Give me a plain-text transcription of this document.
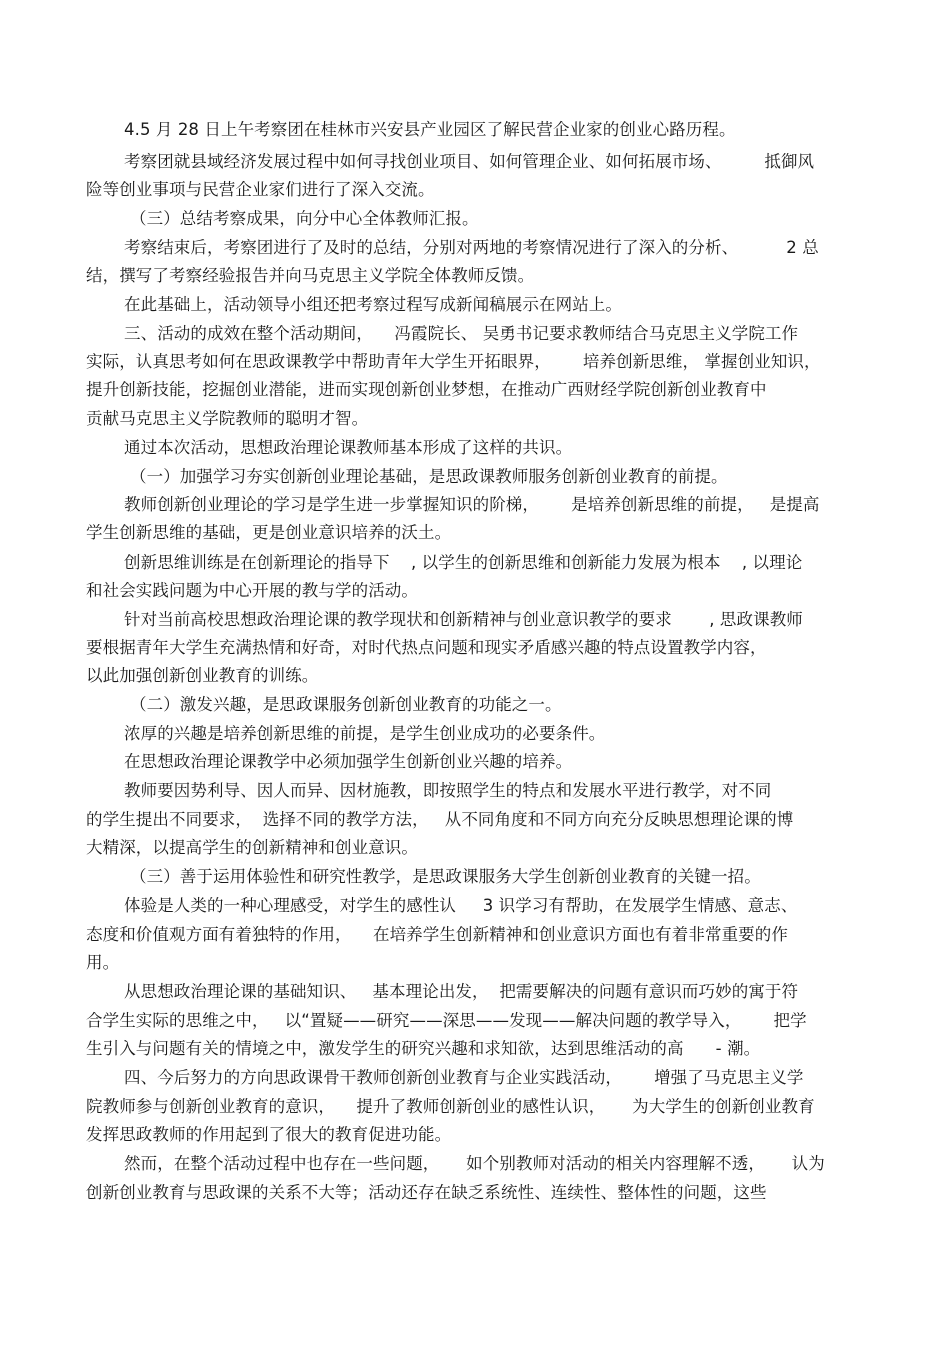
4.5 月 28 日上午考察团在桂林市兴安县产业园区了解民营企业家的创业心路历程。
考察团就县域经济发展过程中如何寻找创业项目、如何管理企业、如何拓展市场、        抵御风
险等创业事项与民营企业家们进行了深入交流。
（三）总结考察成果，向分中心全体教师汇报。
考察结束后，考察团进行了及时的总结，分别对两地的考察情况进行了深入的分析、         2 总
结，撰写了考察经验报告并向马克思主义学院全体教师反馈。
在此基础上，活动领导小组还把考察过程写成新闻稿展示在网站上。
三、活动的成效在整个活动期间，    冯霞院长、 吴勇书记要求教师结合马克思主义学院工作
实际，认真思考如何在思政课教学中帮助青年大学生开拓眼界，      培养创新思维， 掌握创业知识，
提升创新技能，挖掘创业潜能，进而实现创新创业梦想，在推动广西财经学院创新创业教育中
贡献马克思主义学院教师的聪明才智。
通过本次活动，思想政治理论课教师基本形成了这样的共识。
（一）加强学习夯实创新创业理论基础，是思政课教师服务创新创业教育的前提。
教师创新创业理论的学习是学生进一步掌握知识的阶梯，      是培养创新思维的前提，   是提高
学生创新思维的基础，更是创业意识培养的沃土。
创新思维训练是在创新理论的指导下    , 以学生的创新思维和创新能力发展为根本    , 以理论
和社会实践问题为中心开展的教与学的活动。
针对当前高校思想政治理论课的教学现状和创新精神与创业意识教学的要求       , 思政课教师
要根据青年大学生充满热情和好奇，对时代热点问题和现实矛盾感兴趣的特点设置教学内容，
以此加强创新创业教育的训练。
（二）激发兴趣，是思政课服务创新创业教育的功能之一。
浓厚的兴趣是培养创新思维的前提，是学生创业成功的必要条件。
在思想政治理论课教学中必须加强学生创新创业兴趣的培养。
教师要因势利导、因人而异、因材施教，即按照学生的特点和发展水平进行教学，对不同
的学生提出不同要求，  选择不同的教学方法，   从不同角度和不同方向充分反映思想理论课的博
大精深，以提高学生的创新精神和创业意识。
（三）善于运用体验性和研究性教学，是思政课服务大学生创新创业教育的关键一招。
体验是人类的一种心理感受，对学生的感性认     3 识学习有帮助，在发展学生情感、意志、
态度和价值观方面有着独特的作用，    在培养学生创新精神和创业意识方面也有着非常重要的作
用。
从思想政治理论课的基础知识、   基本理论出发，  把需要解决的问题有意识而巧妙的寓于符
合学生实际的思维之中，   以“置疑——研究——深思——发现——解决问题的教学导入，      把学
生引入与问题有关的情境之中，激发学生的研究兴趣和求知欲，达到思维活动的高      - 潮。
四、今后努力的方向思政课骨干教师创新创业教育与企业实践活动，      增强了马克思主义学
院教师参与创新创业教育的意识，    提升了教师创新创业的感性认识，     为大学生的创新创业教育
发挥思政教师的作用起到了很大的教育促进功能。
然而，在整个活动过程中也存在一些问题，     如个别教师对活动的相关内容理解不透，     认为
创新创业教育与思政课的关系不大等；活动还存在缺乏系统性、连续性、整体性的问题，这些
